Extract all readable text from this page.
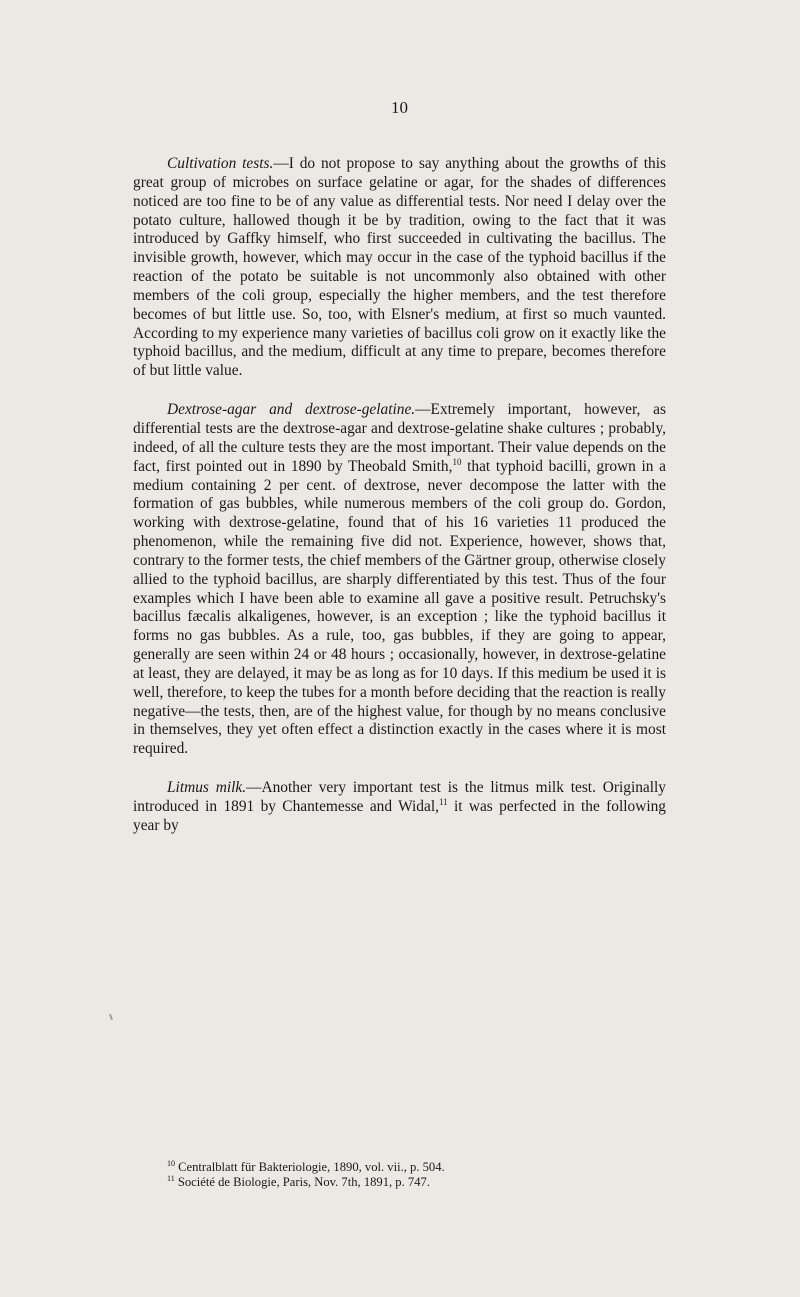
10

Cultivation tests.—I do not propose to say anything about the growths of this great group of microbes on surface gelatine or agar, for the shades of differences noticed are too fine to be of any value as differential tests. Nor need I delay over the potato culture, hallowed though it be by tradition, owing to the fact that it was introduced by Gaffky himself, who first succeeded in cultivating the bacillus. The invisible growth, however, which may occur in the case of the typhoid bacillus if the reaction of the potato be suitable is not uncommonly also obtained with other members of the coli group, especially the higher members, and the test therefore becomes of but little use. So, too, with Elsner's medium, at first so much vaunted. According to my experience many varieties of bacillus coli grow on it exactly like the typhoid bacillus, and the medium, difficult at any time to prepare, becomes therefore of but little value.

Dextrose-agar and dextrose-gelatine.—Extremely important, however, as differential tests are the dextrose-agar and dextrose-gelatine shake cultures ; probably, indeed, of all the culture tests they are the most important. Their value depends on the fact, first pointed out in 1890 by Theobald Smith,$^{10}$ that typhoid bacilli, grown in a medium containing 2 per cent. of dextrose, never decompose the latter with the formation of gas bubbles, while numerous members of the coli group do. Gordon, working with dextrose-gelatine, found that of his 16 varieties 11 produced the phenomenon, while the remaining five did not. Experience, however, shows that, contrary to the former tests, the chief members of the Gärtner group, otherwise closely allied to the typhoid bacillus, are sharply differentiated by this test. Thus of the four examples which I have been able to examine all gave a positive result. Petruchsky's bacillus fæcalis alkaligenes, however, is an exception ; like the typhoid bacillus it forms no gas bubbles. As a rule, too, gas bubbles, if they are going to appear, generally are seen within 24 or 48 hours ; occasionally, however, in dextrose-gelatine at least, they are delayed, it may be as long as for 10 days. If this medium be used it is well, therefore, to keep the tubes for a month before deciding that the reaction is really negative—the tests, then, are of the highest value, for though by no means conclusive in themselves, they yet often effect a distinction exactly in the cases where it is most required.

Litmus milk.—Another very important test is the litmus milk test. Originally introduced in 1891 by Chantemesse and Widal,$^{11}$ it was perfected in the following year by

$^{10}$ Centralblatt für Bakteriologie, 1890, vol. vii., p. 504.
$^{11}$ Société de Biologie, Paris, Nov. 7th, 1891, p. 747.
